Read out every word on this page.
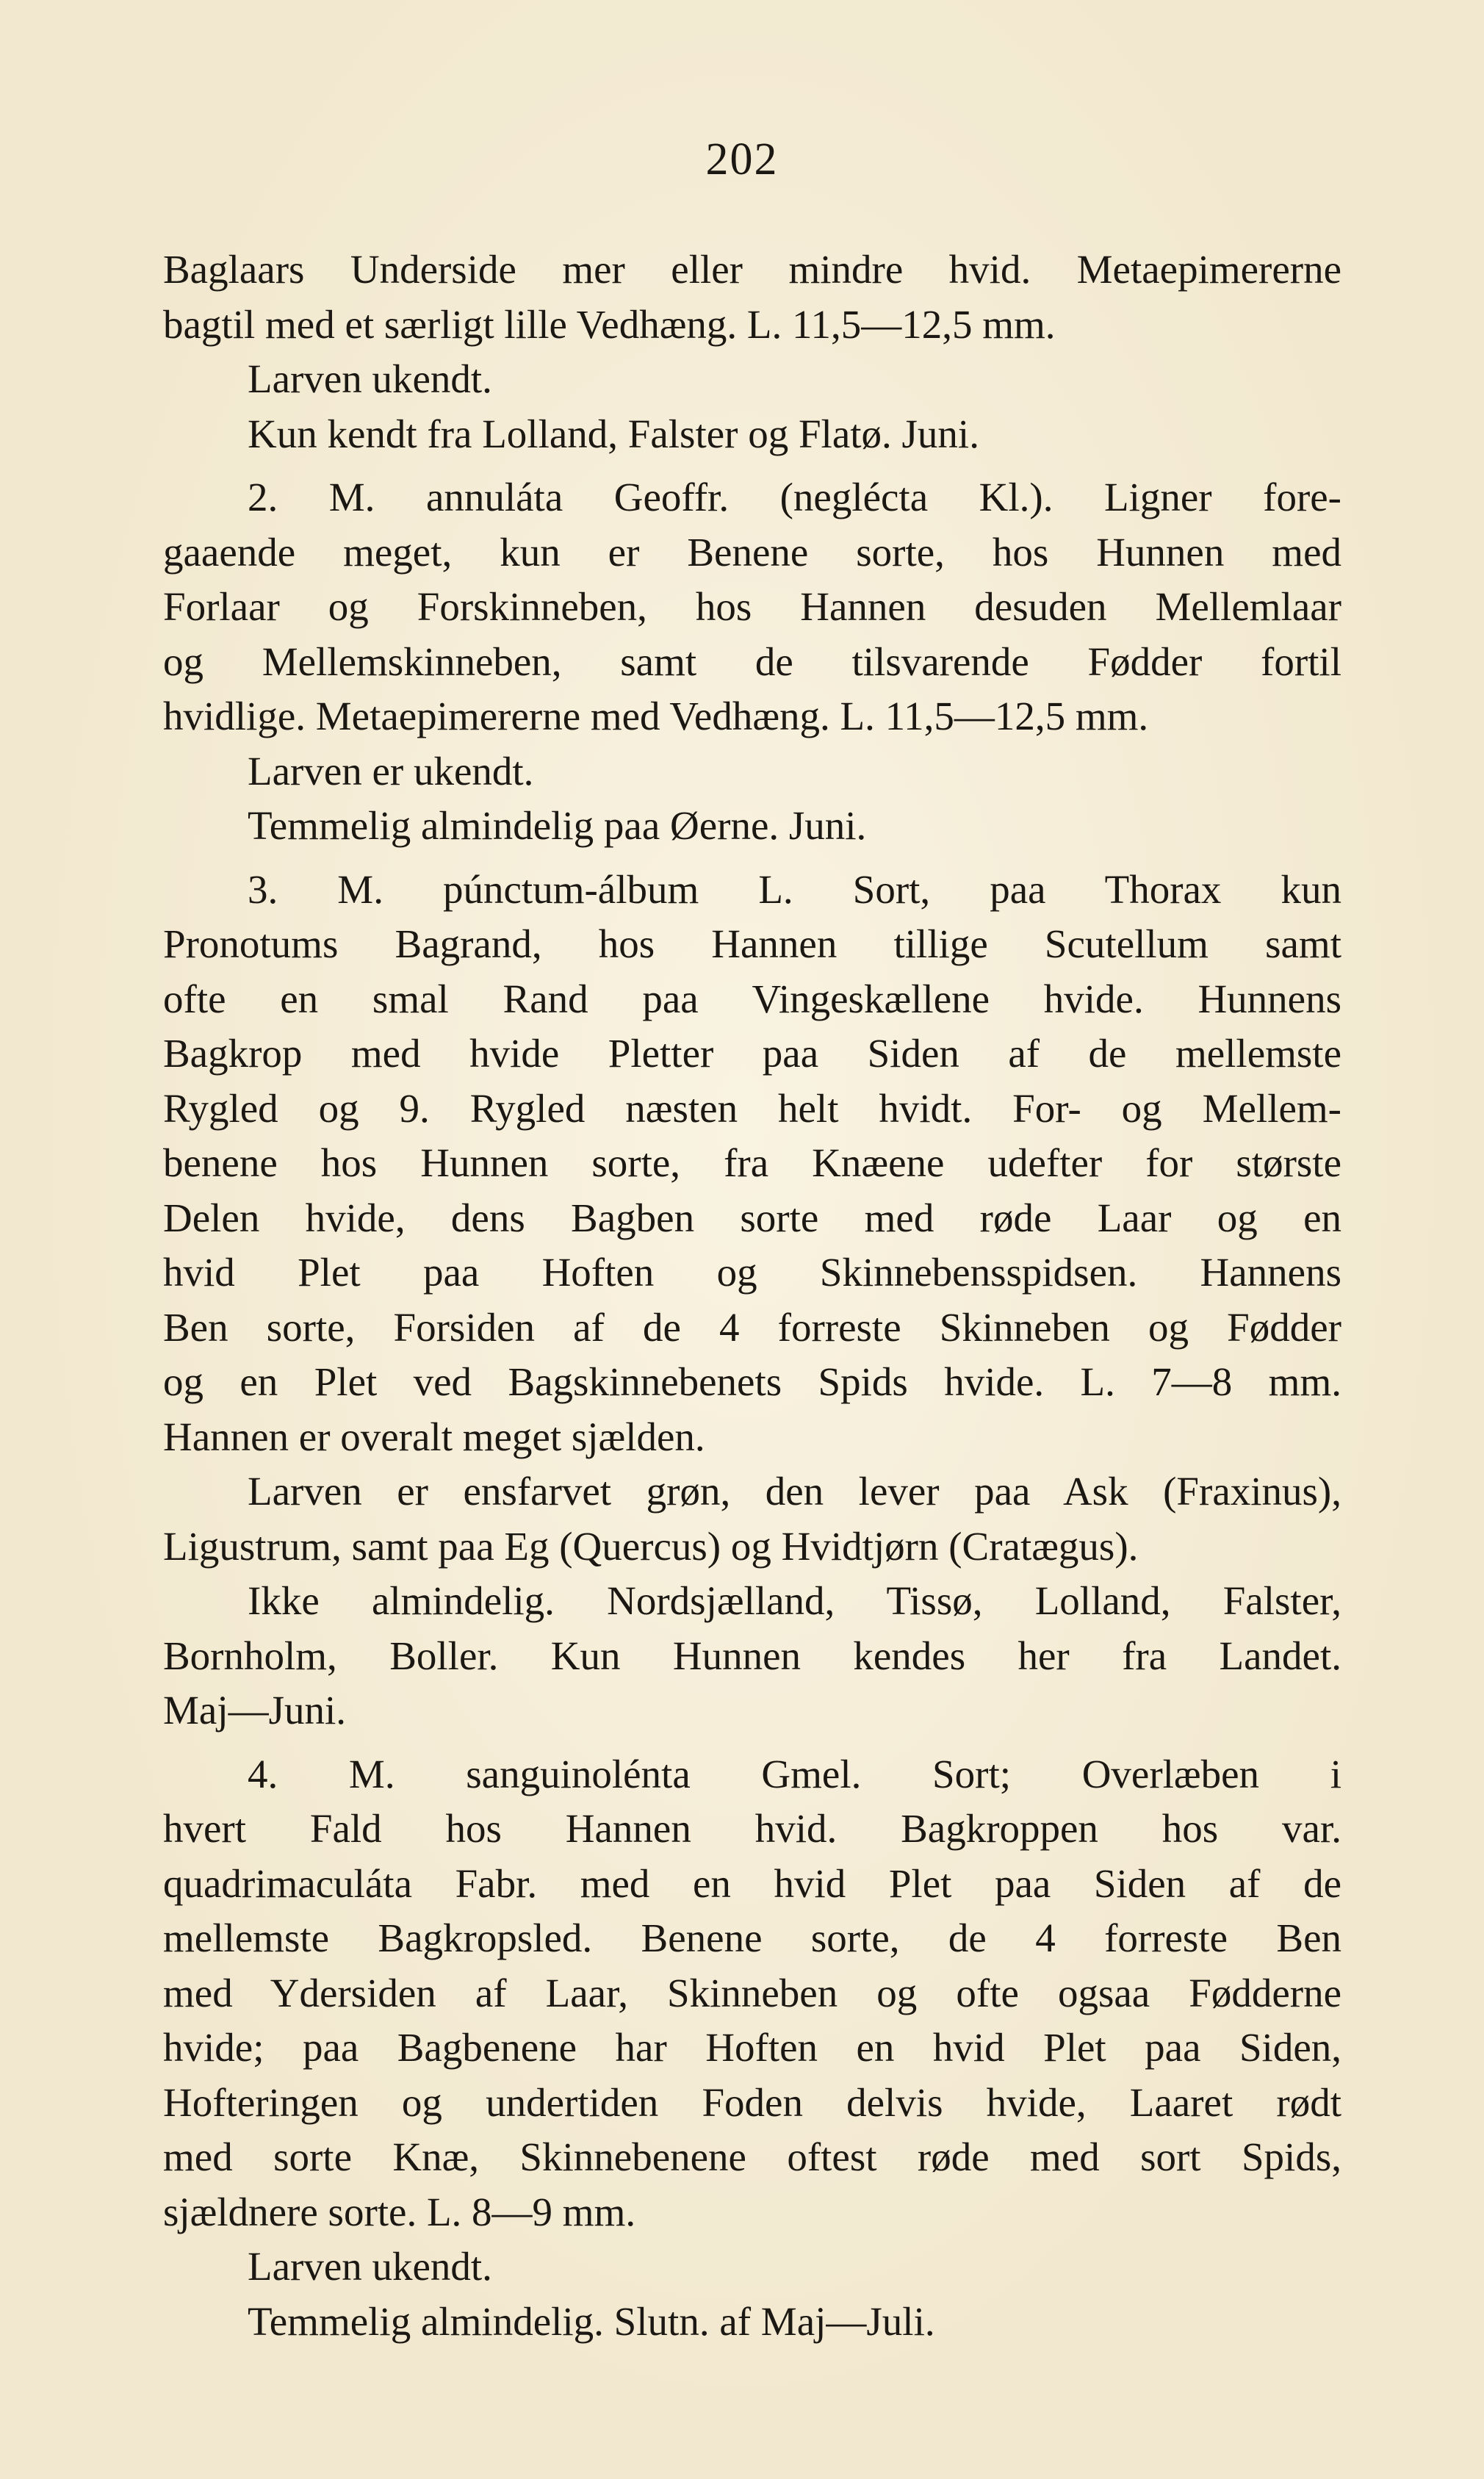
202

Baglaars Underside mer eller mindre hvid. Metaepimererne

bagtil med et særligt lille Vedhæng. L. 11,5—12,5 mm.

Larven ukendt.

Kun kendt fra Lolland, Falster og Flatø. Juni.

2. M. annuláta Geoffr. (neglécta Kl.). Ligner fore-

gaaende meget, kun er Benene sorte, hos Hunnen med

Forlaar og Forskinneben, hos Hannen desuden Mellemlaar

og Mellemskinneben, samt de tilsvarende Fødder fortil

hvidlige. Metaepimererne med Vedhæng. L. 11,5—12,5 mm.

Larven er ukendt.

Temmelig almindelig paa Øerne. Juni.

3. M. púnctum-álbum L. Sort, paa Thorax kun

Pronotums Bagrand, hos Hannen tillige Scutellum samt

ofte en smal Rand paa Vingeskællene hvide. Hunnens

Bagkrop med hvide Pletter paa Siden af de mellemste

Rygled og 9. Rygled næsten helt hvidt. For- og Mellem-

benene hos Hunnen sorte, fra Knæene udefter for største

Delen hvide, dens Bagben sorte med røde Laar og en

hvid Plet paa Hoften og Skinnebensspidsen. Hannens

Ben sorte, Forsiden af de 4 forreste Skinneben og Fødder

og en Plet ved Bagskinnebenets Spids hvide. L. 7—8 mm.

Hannen er overalt meget sjælden.

Larven er ensfarvet grøn, den lever paa Ask (Fraxinus),

Ligustrum, samt paa Eg (Quercus) og Hvidtjørn (Cratægus).

Ikke almindelig. Nordsjælland, Tissø, Lolland, Falster,

Bornholm, Boller. Kun Hunnen kendes her fra Landet.

Maj—Juni.

4. M. sanguinolénta Gmel. Sort; Overlæben i

hvert Fald hos Hannen hvid. Bagkroppen hos var.

quadrimaculáta Fabr. med en hvid Plet paa Siden af de

mellemste Bagkropsled. Benene sorte, de 4 forreste Ben

med Ydersiden af Laar, Skinneben og ofte ogsaa Fødderne

hvide; paa Bagbenene har Hoften en hvid Plet paa Siden,

Hofteringen og undertiden Foden delvis hvide, Laaret rødt

med sorte Knæ, Skinnebenene oftest røde med sort Spids,

sjældnere sorte. L. 8—9 mm.

Larven ukendt.

Temmelig almindelig. Slutn. af Maj—Juli.
